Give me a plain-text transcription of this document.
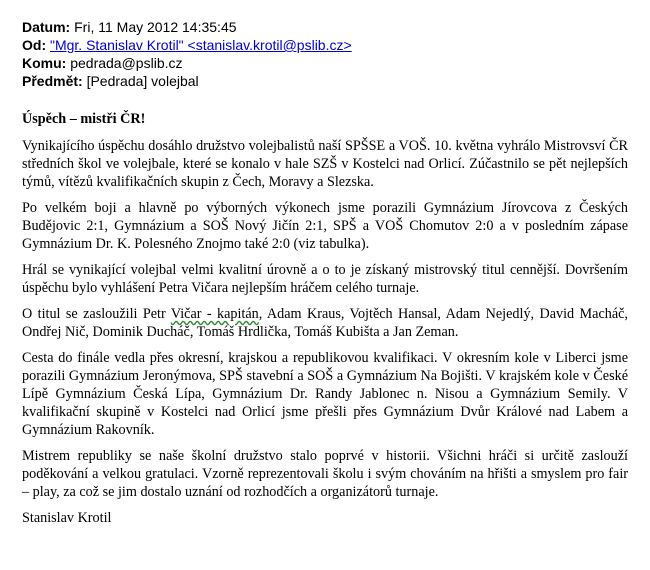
Datum: Fri, 11 May 2012 14:35:45
Od: "Mgr. Stanislav Krotil" <stanislav.krotil@pslib.cz>
Komu: pedrada@pslib.cz
Předmět: [Pedrada] volejbal

Úspěch – mistři ČR!

Vynikajícího úspěchu dosáhlo družstvo volejbalistů naší SPŠSE a VOŠ. 10. května vyhrálo Mistrovsví ČR středních škol ve volejbale, které se konalo v hale SZŠ v Kostelci nad Orlicí. Zúčastnilo se pět nejlepších týmů, vítězů kvalifikačních skupin z Čech, Moravy a Slezska.

Po velkém boji a hlavně po výborných výkonech jsme porazili Gymnázium Jírovcova z Českých Budějovic 2:1, Gymnázium a SOŠ Nový Jičín 2:1, SPŠ a VOŠ Chomutov 2:0 a v posledním zápase Gymnázium Dr. K. Polesného Znojmo také 2:0 (viz tabulka).

Hrál se vynikající volejbal velmi kvalitní úrovně a o to je získaný mistrovský titul cennější. Dovršením úspěchu bylo vyhlášení Petra Vičara nejlepším hráčem celého turnaje.

O titul se zasloužili Petr Vičar - kapitán, Adam Kraus, Vojtěch Hansal, Adam Nejedlý, David Macháč, Ondřej Nič, Dominik Ducháč, Tomáš Hrdlička, Tomáš Kubišta a Jan Zeman.

Cesta do finále vedla přes okresní, krajskou a republikovou kvalifikaci. V okresním kole v Liberci jsme porazili Gymnázium Jeronýmova, SPŠ stavební a SOŠ a Gymnázium Na Bojišti. V krajském kole v České Lípě Gymnázium Česká Lípa, Gymnázium Dr. Randy Jablonec n. Nisou a Gymnázium Semily. V kvalifikační skupině v Kostelci nad Orlicí jsme přešli přes Gymnázium Dvůr Králové nad Labem a Gymnázium Rakovník.

Mistrem republiky se naše školní družstvo stalo poprvé v historii. Všichni hráči si určitě zaslouží poděkování a velkou gratulaci. Vzorně reprezentovali školu i svým chováním na hřišti a smyslem pro fair – play, za což se jim dostalo uznání od rozhodčích a organizátorů turnaje.

Stanislav Krotil
